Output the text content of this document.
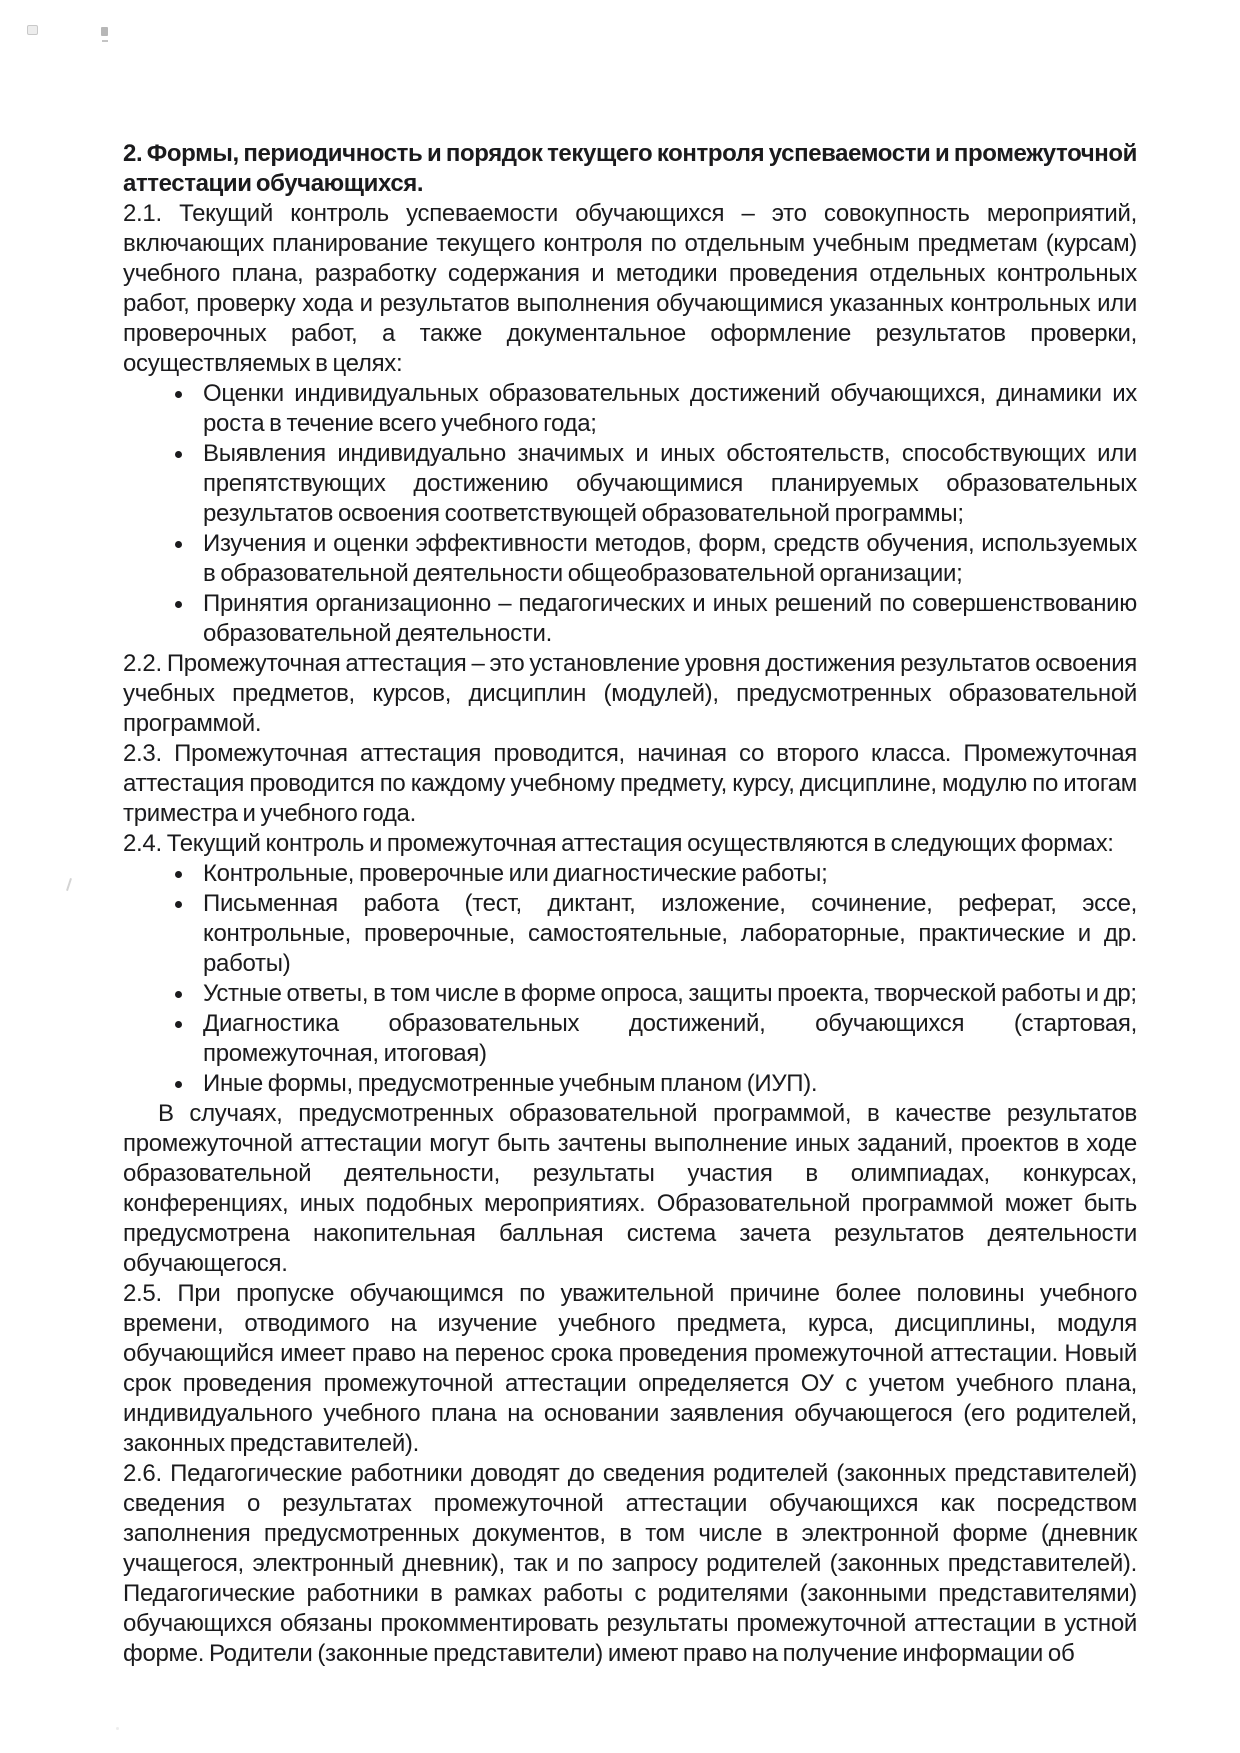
2. Формы, периодичность и порядок текущего контроля успеваемости и промежуточной аттестации обучающихся.

2.1. Текущий контроль успеваемости обучающихся – это совокупность мероприятий, включающих планирование текущего контроля по отдельным учебным предметам (курсам) учебного плана, разработку содержания и методики проведения отдельных контрольных работ, проверку хода и результатов выполнения обучающимися указанных контрольных или проверочных работ, а также документальное оформление результатов проверки, осуществляемых в целях:

Оценки индивидуальных образовательных достижений обучающихся, динамики их роста в течение всего учебного года;
Выявления индивидуально значимых и иных обстоятельств, способствующих или препятствующих достижению обучающимися планируемых образовательных результатов освоения соответствующей образовательной программы;
Изучения и оценки эффективности методов, форм, средств обучения, используемых в образовательной деятельности общеобразовательной организации;
Принятия организационно – педагогических и иных решений по совершенствованию образовательной деятельности.

2.2. Промежуточная аттестация – это установление уровня достижения результатов освоения учебных предметов, курсов, дисциплин (модулей), предусмотренных образовательной программой.

2.3. Промежуточная аттестация проводится, начиная со второго класса. Промежуточная аттестация проводится по каждому учебному предмету, курсу, дисциплине, модулю по итогам триместра и учебного года.

2.4. Текущий контроль и промежуточная аттестация осуществляются в следующих формах:

Контрольные, проверочные или диагностические работы;
Письменная работа (тест, диктант, изложение, сочинение, реферат, эссе, контрольные, проверочные, самостоятельные, лабораторные, практические и др. работы)
Устные ответы, в том числе в форме опроса, защиты проекта, творческой работы и др;
Диагностика образовательных достижений, обучающихся (стартовая, промежуточная, итоговая)
Иные формы, предусмотренные учебным планом (ИУП).

В случаях, предусмотренных образовательной программой, в качестве результатов промежуточной аттестации могут быть зачтены выполнение иных заданий, проектов в ходе образовательной деятельности, результаты участия в олимпиадах, конкурсах, конференциях, иных подобных мероприятиях. Образовательной программой может быть предусмотрена накопительная балльная система зачета результатов деятельности обучающегося.

2.5. При пропуске обучающимся по уважительной причине более половины учебного времени, отводимого на изучение учебного предмета, курса, дисциплины, модуля обучающийся имеет право на перенос срока проведения промежуточной аттестации. Новый срок проведения промежуточной аттестации определяется ОУ с учетом учебного плана, индивидуального учебного плана на основании заявления обучающегося (его родителей, законных представителей).

2.6. Педагогические работники доводят до сведения родителей (законных представителей) сведения о результатах промежуточной аттестации обучающихся как посредством заполнения предусмотренных документов, в том числе в электронной форме (дневник учащегося, электронный дневник), так и по запросу родителей (законных представителей). Педагогические работники в рамках работы с родителями (законными представителями) обучающихся обязаны прокомментировать результаты промежуточной аттестации в устной форме. Родители (законные представители) имеют право на получение информации об
